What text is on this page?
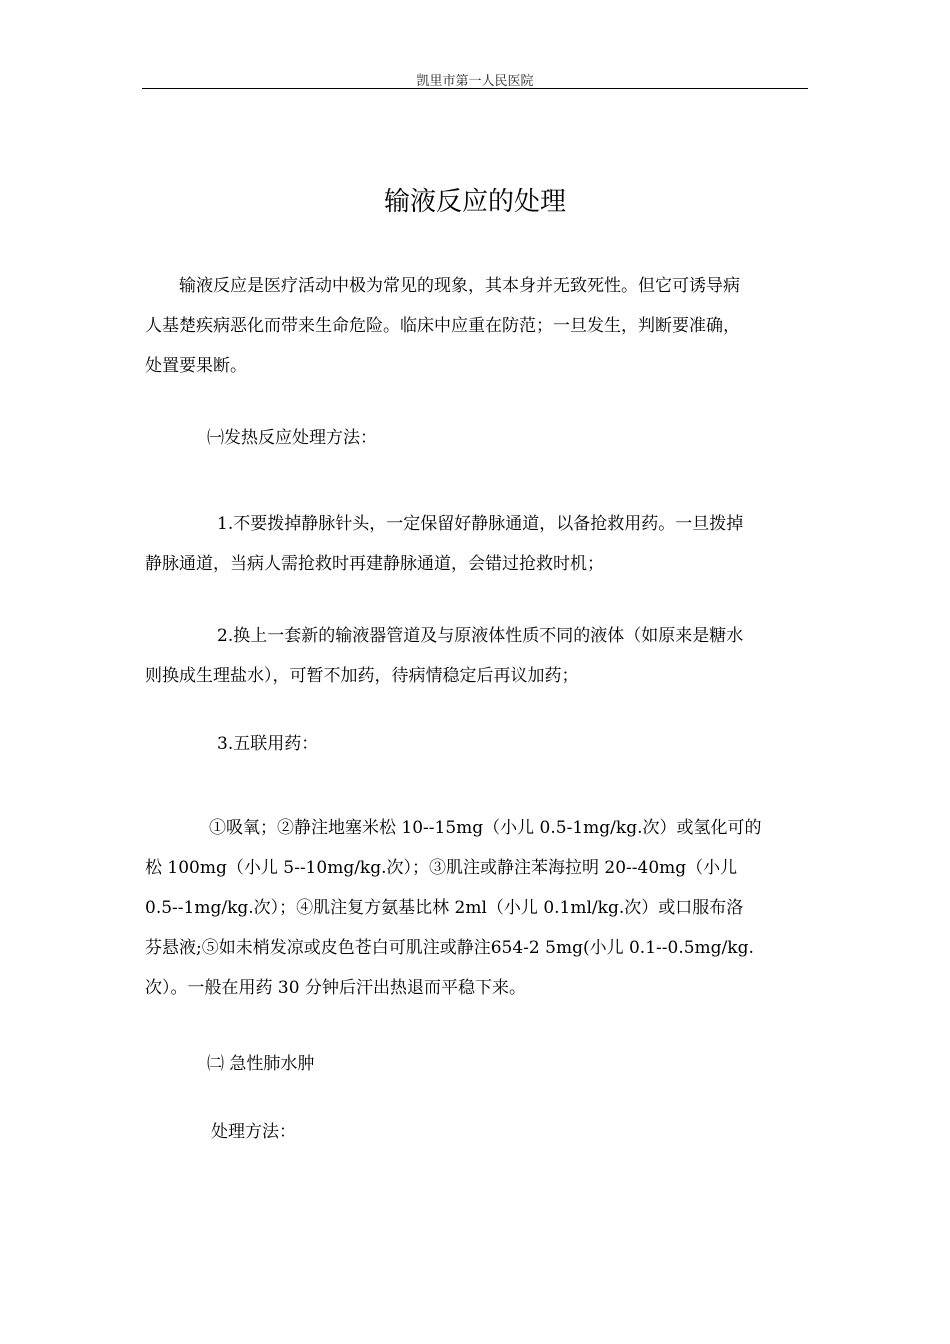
凯里市第一人民医院
输液反应的处理
输液反应是医疗活动中极为常见的现象，其本身并无致死性。但它可诱导病
人基楚疾病恶化而带来生命危险。临床中应重在防范；一旦发生，判断要准确，
处置要果断。
㈠发热反应处理方法：
1.不要拨掉静脉针头，一定保留好静脉通道，以备抢救用药。一旦拨掉
静脉通道，当病人需抢救时再建静脉通道，会错过抢救时机；
2.换上一套新的输液器管道及与原液体性质不同的液体（如原来是糖水
则换成生理盐水），可暂不加药，待病情稳定后再议加药；
3.五联用药：
①吸氧；②静注地塞米松 10--15mg（小儿 0.5-1mg/kg.次）或氢化可的
松 100mg（小儿 5--10mg/kg.次）；③肌注或静注苯海拉明 20--40mg（小儿
0.5--1mg/kg.次）；④肌注复方氨基比林 2ml（小儿 0.1ml/kg.次）或口服布洛
芬悬液;⑤如未梢发凉或皮色苍白可肌注或静注654-2 5mg(小儿 0.1--0.5mg/kg.
次）。一般在用药 30 分钟后汗出热退而平稳下来。
㈡ 急性肺水肿
处理方法：
